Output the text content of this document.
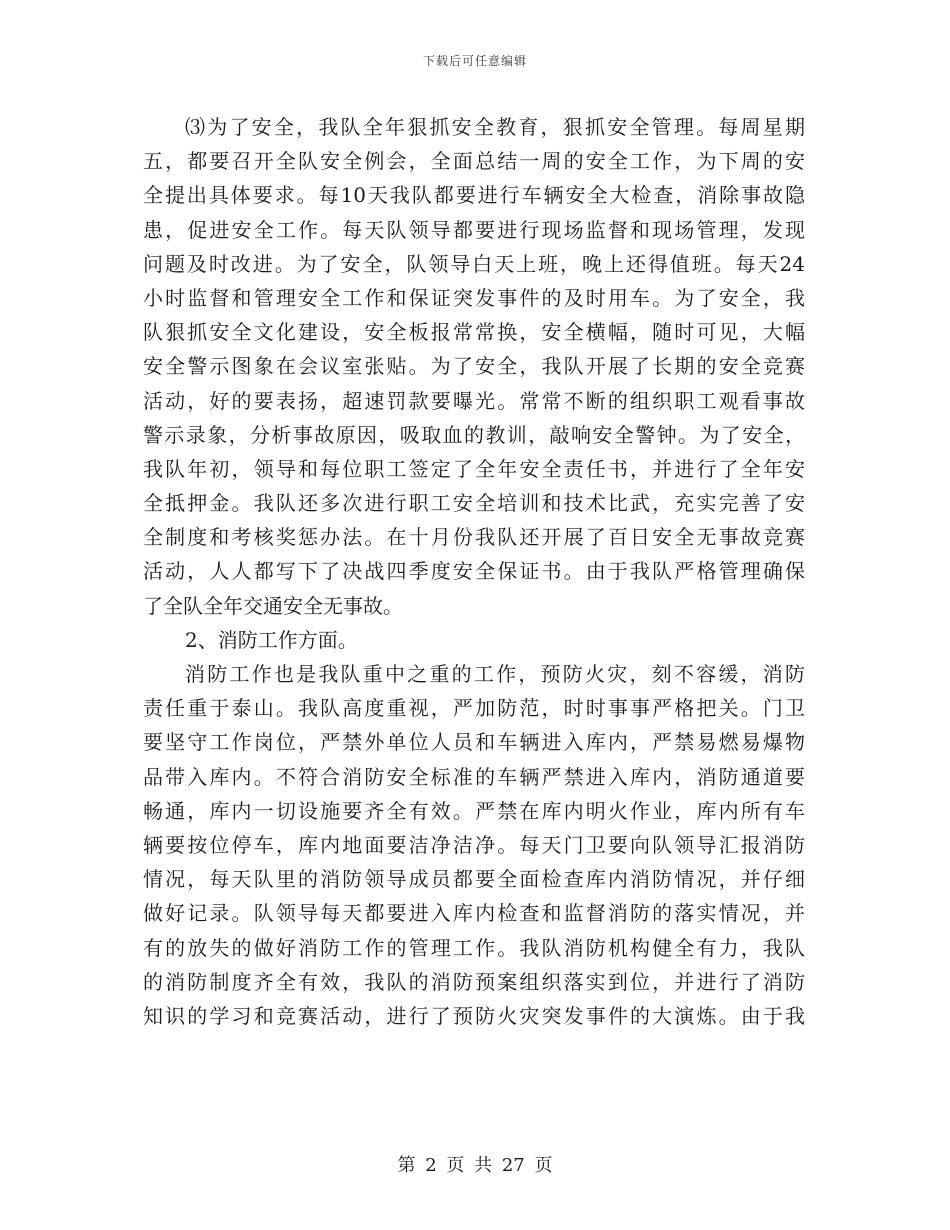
下载后可任意编辑
⑶为了安全，我队全年狠抓安全教育，狠抓安全管理。每周星期
五，都要召开全队安全例会，全面总结一周的安全工作，为下周的安
全提出具体要求。每10天我队都要进行车辆安全大检查，消除事故隐
患，促进安全工作。每天队领导都要进行现场监督和现场管理，发现
问题及时改进。为了安全，队领导白天上班，晚上还得值班。每天24
小时监督和管理安全工作和保证突发事件的及时用车。为了安全，我
队狠抓安全文化建设，安全板报常常换，安全横幅，随时可见，大幅
安全警示图象在会议室张贴。为了安全，我队开展了长期的安全竞赛
活动，好的要表扬，超速罚款要曝光。常常不断的组织职工观看事故
警示录象，分析事故原因，吸取血的教训，敲响安全警钟。为了安全，
我队年初，领导和每位职工签定了全年安全责任书，并进行了全年安
全抵押金。我队还多次进行职工安全培训和技术比武，充实完善了安
全制度和考核奖惩办法。在十月份我队还开展了百日安全无事故竞赛
活动，人人都写下了决战四季度安全保证书。由于我队严格管理确保
了全队全年交通安全无事故。
2、消防工作方面。
消防工作也是我队重中之重的工作，预防火灾，刻不容缓，消防
责任重于泰山。我队高度重视，严加防范，时时事事严格把关。门卫
要坚守工作岗位，严禁外单位人员和车辆进入库内，严禁易燃易爆物
品带入库内。不符合消防安全标准的车辆严禁进入库内，消防通道要
畅通，库内一切设施要齐全有效。严禁在库内明火作业，库内所有车
辆要按位停车，库内地面要洁净洁净。每天门卫要向队领导汇报消防
情况，每天队里的消防领导成员都要全面检查库内消防情况，并仔细
做好记录。队领导每天都要进入库内检查和监督消防的落实情况，并
有的放失的做好消防工作的管理工作。我队消防机构健全有力，我队
的消防制度齐全有效，我队的消防预案组织落实到位，并进行了消防
知识的学习和竞赛活动，进行了预防火灾突发事件的大演炼。由于我
第 2 页 共 27 页
